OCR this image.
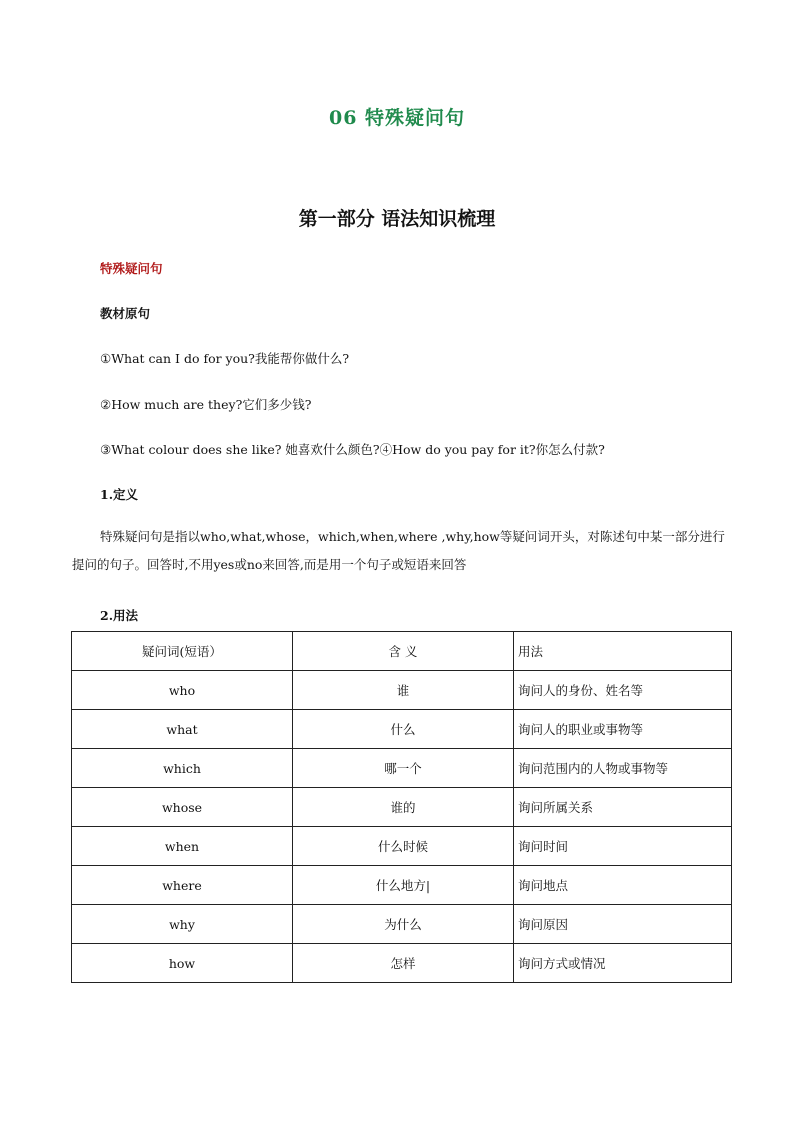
06 特殊疑问句
第一部分 语法知识梳理
特殊疑问句
教材原句
①What can I do for you?我能帮你做什么?
②How much are they?它们多少钱?
③What colour does she like? 她喜欢什么颜色?④How do you pay for it?你怎么付款?
1.定义
特殊疑问句是指以who,what,whose，which,when,where ,why,how等疑问词开头，对陈述句中某一部分进行提问的句子。回答时,不用yes或no来回答,而是用一个句子或短语来回答
2.用法
疑问词(短语）	含 义	用法
who	谁	询问人的身份、姓名等
what	什么	询问人的职业或事物等
which	哪一个	询问范围内的人物或事物等
whose	谁的	询问所属关系
when	什么时候	询问时间
where	什么地方|	询问地点
why	为什么	询问原因
how	怎样	询问方式或情况
